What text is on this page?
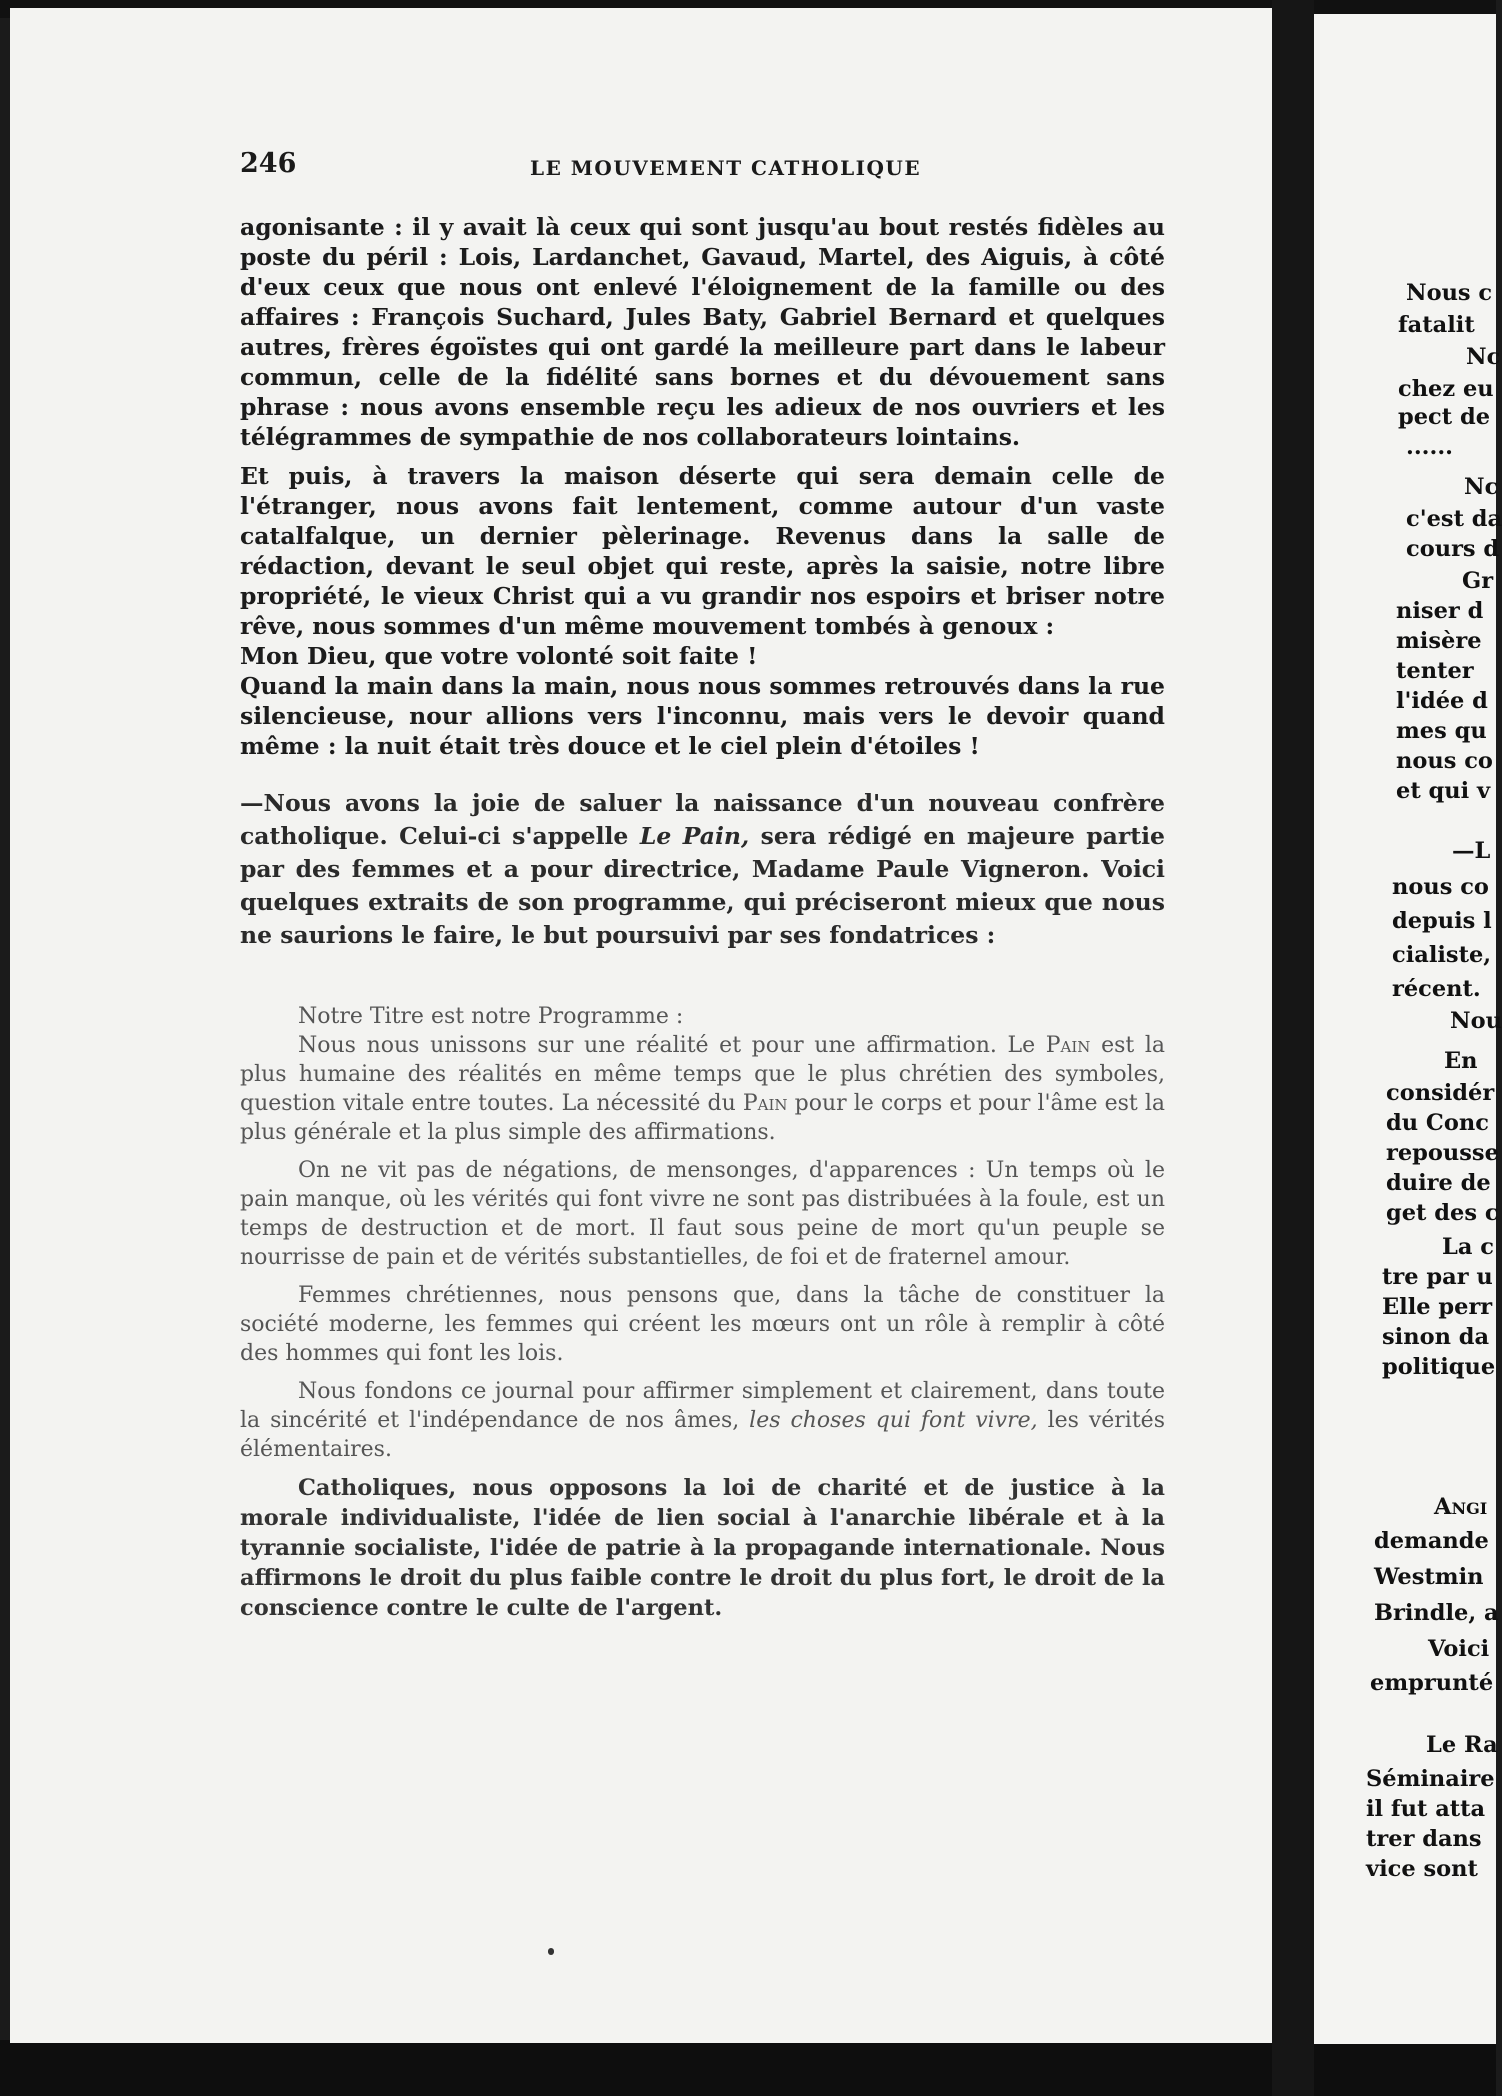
246	LE MOUVEMENT CATHOLIQUE

agonisante : il y avait là ceux qui sont jusqu'au bout restés fidèles au poste du péril : Lois, Lardanchet, Gavaud, Martel, des Aiguis, à côté d'eux ceux que nous ont enlevé l'éloignement de la famille ou des affaires : François Suchard, Jules Baty, Gabriel Bernard et quelques autres, frères égoïstes qui ont gardé la meilleure part dans le labeur commun, celle de la fidélité sans bornes et du dévouement sans phrase : nous avons ensemble reçu les adieux de nos ouvriers et les télégrammes de sympathie de nos collaborateurs lointains.

Et puis, à travers la maison déserte qui sera demain celle de l'étranger, nous avons fait lentement, comme autour d'un vaste catalfalque, un dernier pèlerinage. Revenus dans la salle de rédaction, devant le seul objet qui reste, après la saisie, notre libre propriété, le vieux Christ qui a vu grandir nos espoirs et briser notre rêve, nous sommes d'un même mouvement tombés à genoux :

Mon Dieu, que votre volonté soit faite !

Quand la main dans la main, nous nous sommes retrouvés dans la rue silencieuse, nour allions vers l'inconnu, mais vers le devoir quand même : la nuit était très douce et le ciel plein d'étoiles !

—Nous avons la joie de saluer la naissance d'un nouveau confrère catholique. Celui-ci s'appelle Le Pain, sera rédigé en majeure partie par des femmes et a pour directrice, Madame Paule Vigneron. Voici quelques extraits de son programme, qui préciseront mieux que nous ne saurions le faire, le but poursuivi par ses fondatrices :

Notre Titre est notre Programme :

Nous nous unissons sur une réalité et pour une affirmation. Le Pain est la plus humaine des réalités en même temps que le plus chrétien des symboles, question vitale entre toutes. La nécessité du Pain pour le corps et pour l'âme est la plus générale et la plus simple des affirmations.

On ne vit pas de négations, de mensonges, d'apparences : Un temps où le pain manque, où les vérités qui font vivre ne sont pas distribuées à la foule, est un temps de destruction et de mort. Il faut sous peine de mort qu'un peuple se nourrisse de pain et de vérités substantielles, de foi et de fraternel amour.

Femmes chrétiennes, nous pensons que, dans la tâche de constituer la société moderne, les femmes qui créent les mœurs ont un rôle à remplir à côté des hommes qui font les lois.

Nous fondons ce journal pour affirmer simplement et clairement, dans toute la sincérité et l'indépendance de nos âmes, les choses qui font vivre, les vérités élémentaires.

Catholiques, nous opposons la loi de charité et de justice à la morale individualiste, l'idée de lien social à l'anarchie libérale et à la tyrannie socialiste, l'idée de patrie à la propagande internationale. Nous affirmons le droit du plus faible contre le droit du plus fort, le droit de la conscience contre le culte de l'argent.

Nous c
fatalit
Nc
chez eu
pect de
......
Nc
c'est da
cours d
Gr
niser d
misère
tenter
l'idée d
mes qu
nous co
et qui v
—L
nous co
depuis l
cialiste,
récent.
Nou
En
considér
du Conc
repousse
duire de
get des c
La c
tre par u
Elle perr
sinon da
politique
Angi
demande
Westmin
Brindle, a
Voici
emprunté
Le Ra
Séminaire
il fut atta
trer dans
vice sont
